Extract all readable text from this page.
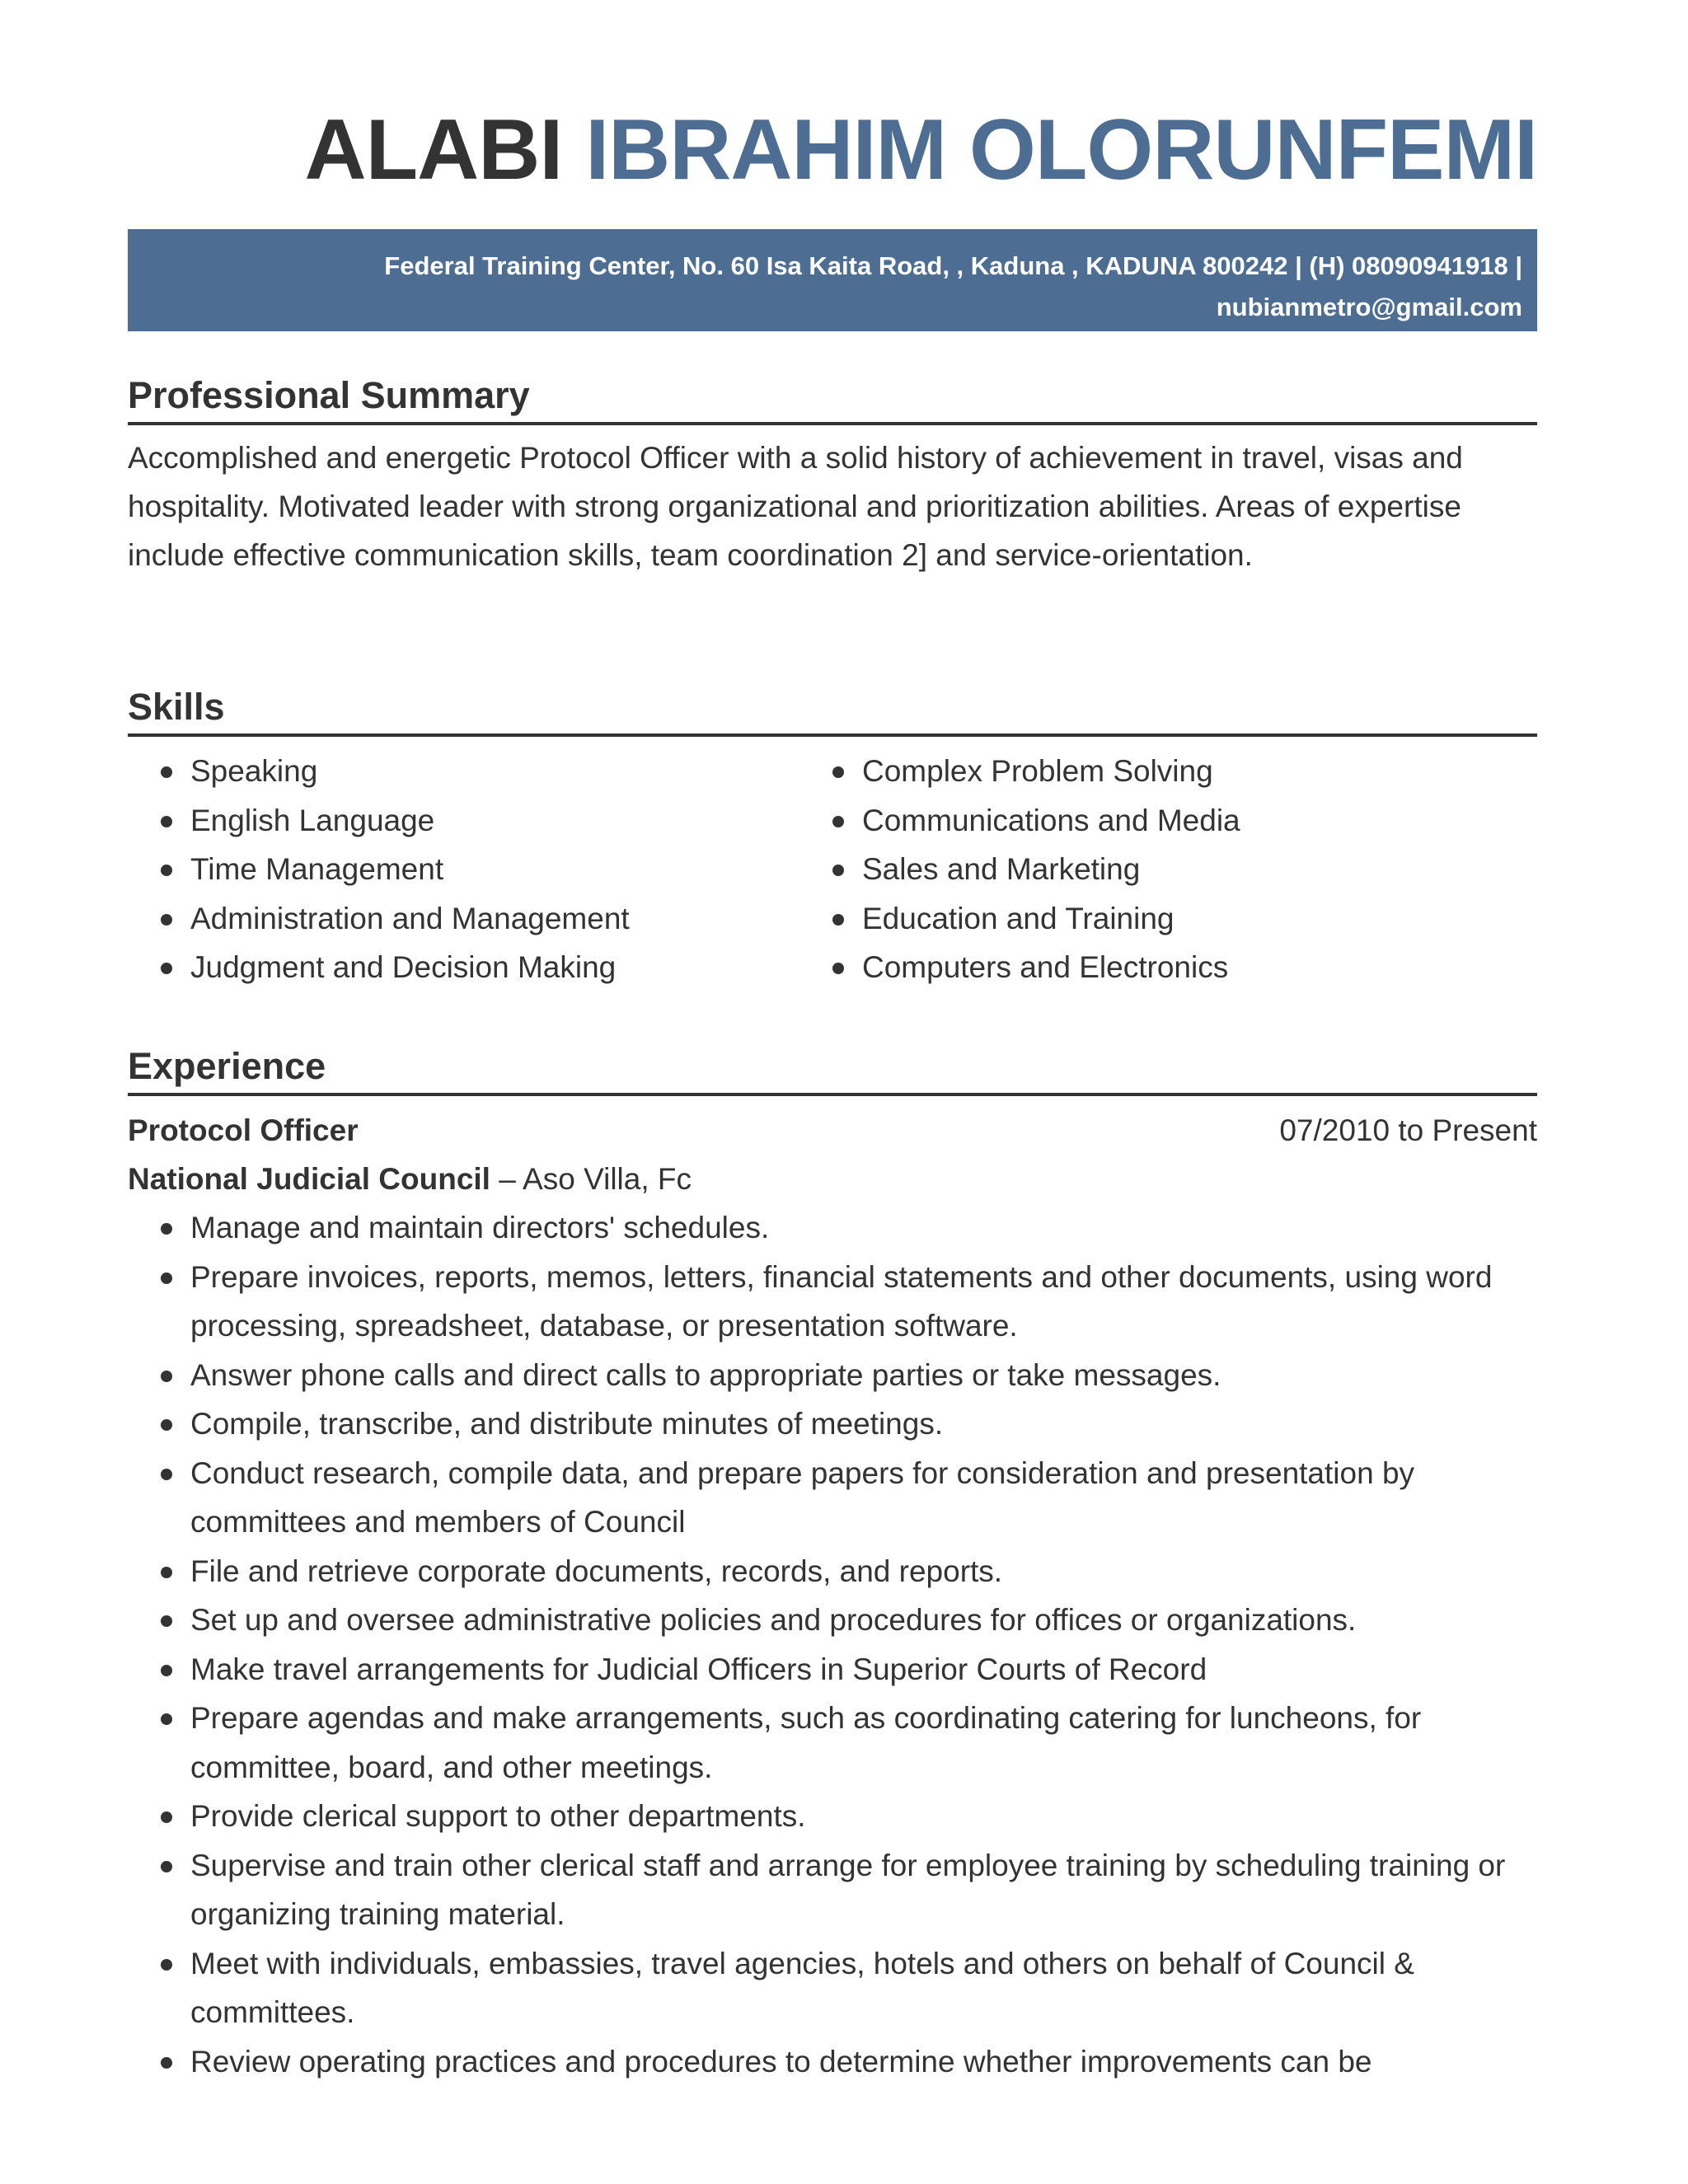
ALABI IBRAHIM OLORUNFEMI
Federal Training Center, No. 60 Isa Kaita Road, , Kaduna , KADUNA 800242 | (H) 08090941918 |
nubianmetro@gmail.com
Professional Summary
Accomplished and energetic Protocol Officer with a solid history of achievement in travel, visas and hospitality. Motivated leader with strong organizational and prioritization abilities. Areas of expertise include effective communication skills, team coordination 2] and service-orientation.
Skills
Speaking
English Language
Time Management
Administration and Management
Judgment and Decision Making
Complex Problem Solving
Communications and Media
Sales and Marketing
Education and Training
Computers and Electronics
Experience
Protocol Officer	07/2010 to Present
National Judicial Council – Aso Villa, Fc
Manage and maintain directors' schedules.
Prepare invoices, reports, memos, letters, financial statements and other documents, using word processing, spreadsheet, database, or presentation software.
Answer phone calls and direct calls to appropriate parties or take messages.
Compile, transcribe, and distribute minutes of meetings.
Conduct research, compile data, and prepare papers for consideration and presentation by committees and members of Council
File and retrieve corporate documents, records, and reports.
Set up and oversee administrative policies and procedures for offices or organizations.
Make travel arrangements for Judicial Officers in Superior Courts of Record
Prepare agendas and make arrangements, such as coordinating catering for luncheons, for committee, board, and other meetings.
Provide clerical support to other departments.
Supervise and train other clerical staff and arrange for employee training by scheduling training or organizing training material.
Meet with individuals, embassies, travel agencies, hotels and others on behalf of Council & committees.
Review operating practices and procedures to determine whether improvements can be
